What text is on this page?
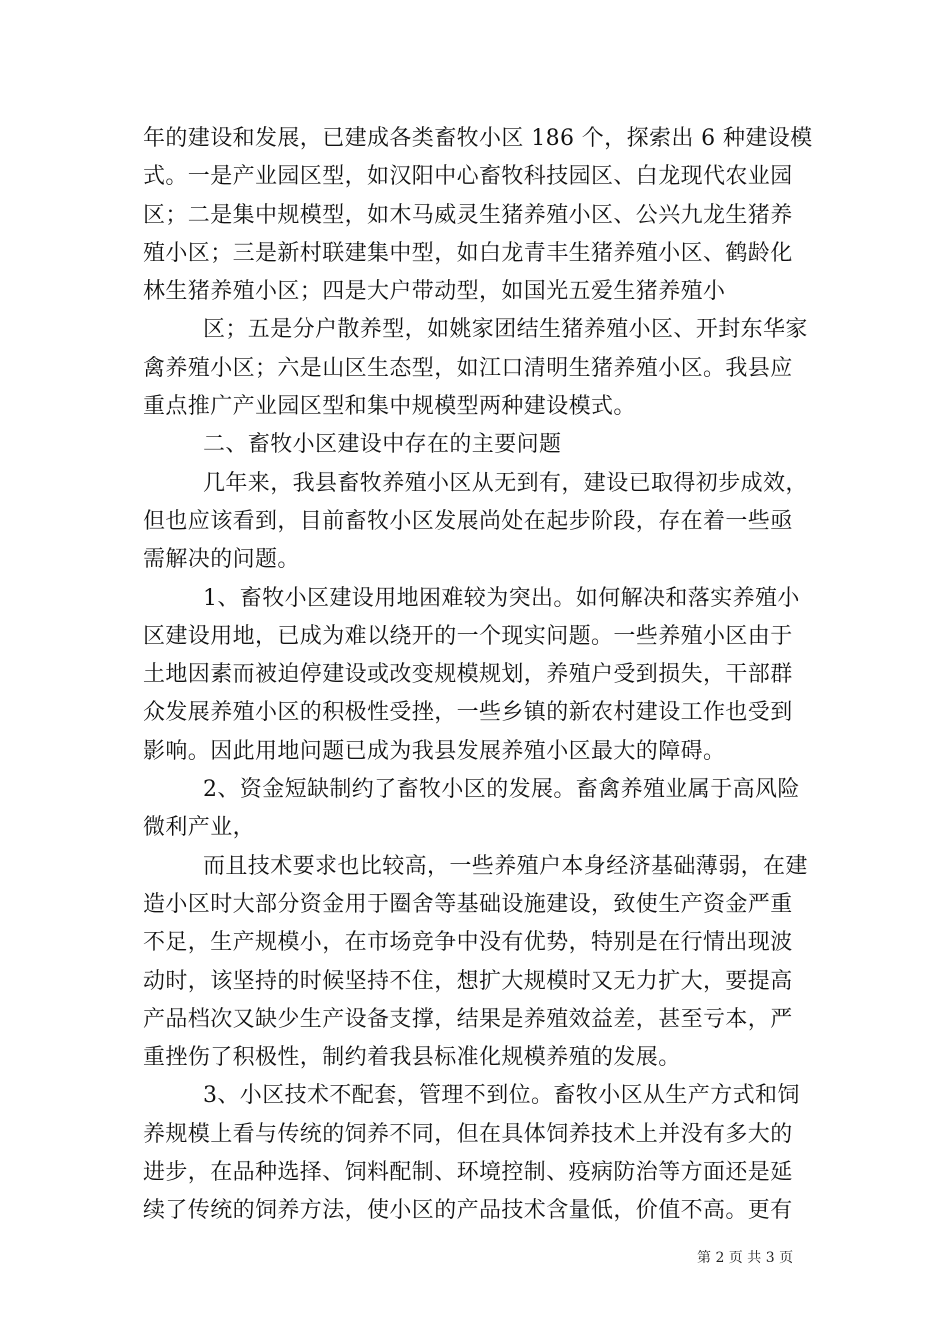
年的建设和发展，已建成各类畜牧小区 186 个，探索出 6 种建设模
式。一是产业园区型，如汉阳中心畜牧科技园区、白龙现代农业园
区；二是集中规模型，如木马威灵生猪养殖小区、公兴九龙生猪养
殖小区；三是新村联建集中型，如白龙青丰生猪养殖小区、鹤龄化
林生猪养殖小区；四是大户带动型，如国光五爱生猪养殖小
区；五是分户散养型，如姚家团结生猪养殖小区、开封东华家
禽养殖小区；六是山区生态型，如江口清明生猪养殖小区。我县应
重点推广产业园区型和集中规模型两种建设模式。
二、畜牧小区建设中存在的主要问题
几年来，我县畜牧养殖小区从无到有，建设已取得初步成效，
但也应该看到，目前畜牧小区发展尚处在起步阶段，存在着一些亟
需解决的问题。
1、畜牧小区建设用地困难较为突出。如何解决和落实养殖小
区建设用地，已成为难以绕开的一个现实问题。一些养殖小区由于
土地因素而被迫停建设或改变规模规划，养殖户受到损失，干部群
众发展养殖小区的积极性受挫，一些乡镇的新农村建设工作也受到
影响。因此用地问题已成为我县发展养殖小区最大的障碍。
2、资金短缺制约了畜牧小区的发展。畜禽养殖业属于高风险
微利产业，
而且技术要求也比较高，一些养殖户本身经济基础薄弱，在建
造小区时大部分资金用于圈舍等基础设施建设，致使生产资金严重
不足，生产规模小，在市场竞争中没有优势，特别是在行情出现波
动时，该坚持的时候坚持不住，想扩大规模时又无力扩大，要提高
产品档次又缺少生产设备支撑，结果是养殖效益差，甚至亏本，严
重挫伤了积极性，制约着我县标准化规模养殖的发展。
3、小区技术不配套，管理不到位。畜牧小区从生产方式和饲
养规模上看与传统的饲养不同，但在具体饲养技术上并没有多大的
进步，在品种选择、饲料配制、环境控制、疫病防治等方面还是延
续了传统的饲养方法，使小区的产品技术含量低，价值不高。更有
第 2 页 共 3 页
